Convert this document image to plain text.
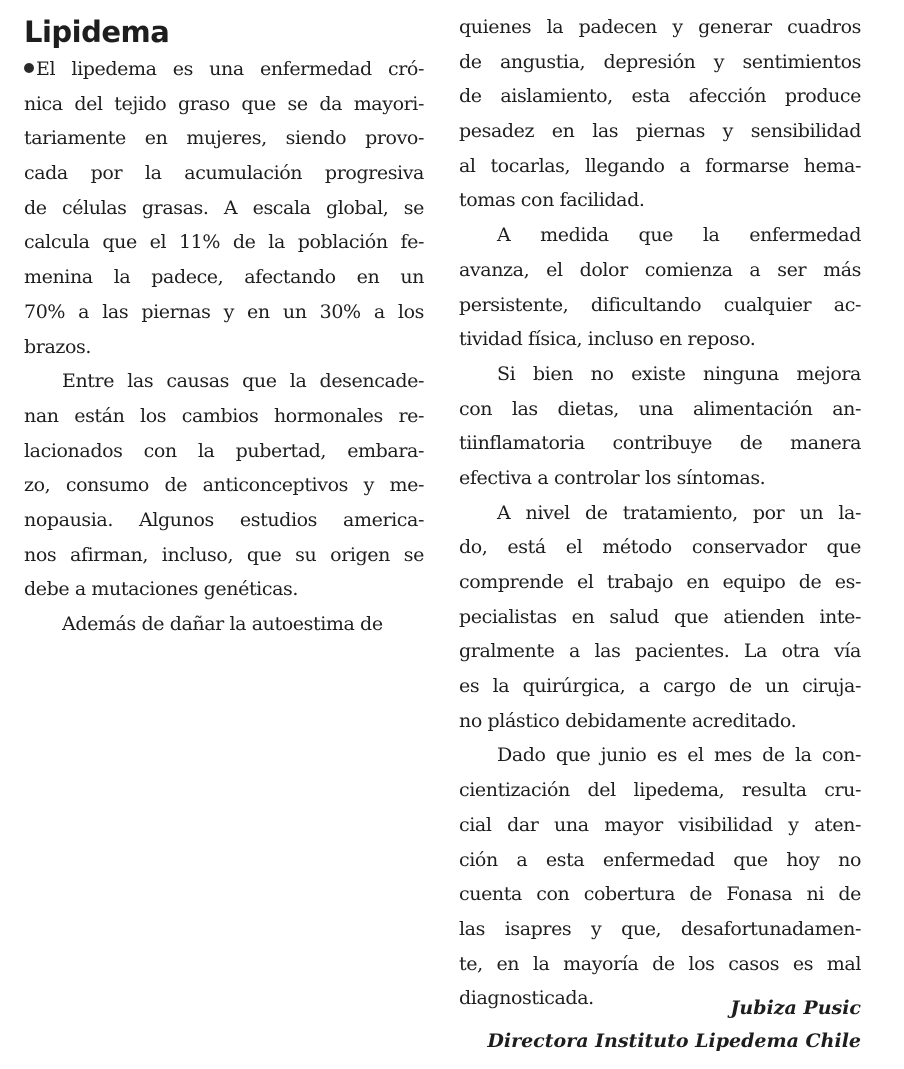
Lipidema
El lipedema es una enfermedad cró-
nica del tejido graso que se da mayori-
tariamente en mujeres, siendo provo-
cada por la acumulación progresiva
de células grasas. A escala global, se
calcula que el 11% de la población fe-
menina la padece, afectando en un
70% a las piernas y en un 30% a los
brazos.
Entre las causas que la desencade-
nan están los cambios hormonales re-
lacionados con la pubertad, embara-
zo, consumo de anticonceptivos y me-
nopausia. Algunos estudios america-
nos afirman, incluso, que su origen se
debe a mutaciones genéticas.
Además de dañar la autoestima de
quienes la padecen y generar cuadros
de angustia, depresión y sentimientos
de aislamiento, esta afección produce
pesadez en las piernas y sensibilidad
al tocarlas, llegando a formarse hema-
tomas con facilidad.
A medida que la enfermedad
avanza, el dolor comienza a ser más
persistente, dificultando cualquier ac-
tividad física, incluso en reposo.
Si bien no existe ninguna mejora
con las dietas, una alimentación an-
tiinflamatoria contribuye de manera
efectiva a controlar los síntomas.
A nivel de tratamiento, por un la-
do, está el método conservador que
comprende el trabajo en equipo de es-
pecialistas en salud que atienden inte-
gralmente a las pacientes. La otra vía
es la quirúrgica, a cargo de un ciruja-
no plástico debidamente acreditado.
Dado que junio es el mes de la con-
cientización del lipedema, resulta cru-
cial dar una mayor visibilidad y aten-
ción a esta enfermedad que hoy no
cuenta con cobertura de Fonasa ni de
las isapres y que, desafortunadamen-
te, en la mayoría de los casos es mal
diagnosticada.	Jubiza Pusic
Directora Instituto Lipedema Chile
